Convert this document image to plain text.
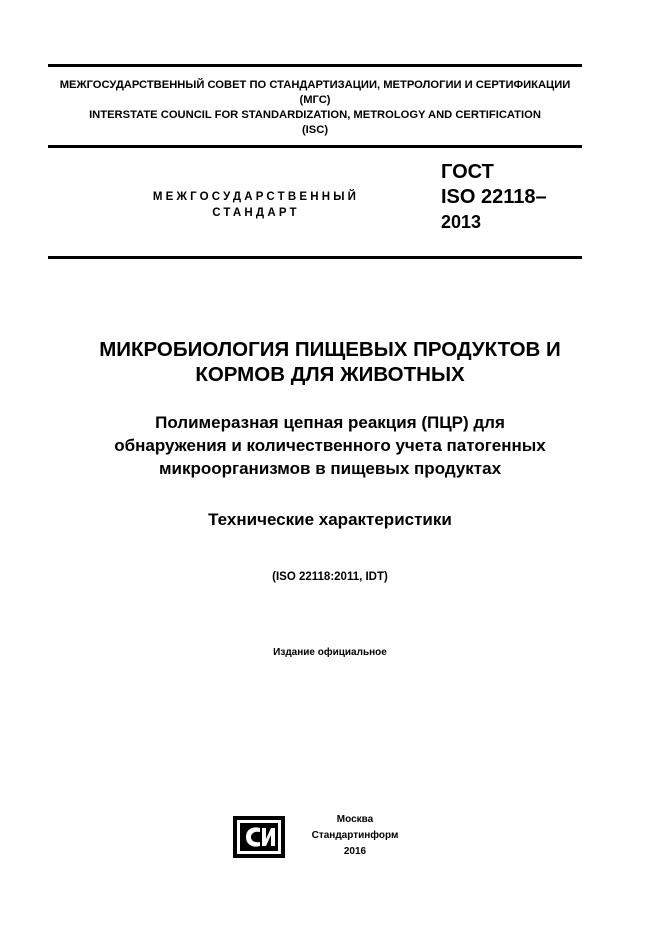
МЕЖГОСУДАРСТВЕННЫЙ СОВЕТ ПО СТАНДАРТИЗАЦИИ, МЕТРОЛОГИИ И СЕРТИФИКАЦИИ
(МГС)
INTERSTATE COUNCIL FOR STANDARDIZATION, METROLOGY AND CERTIFICATION
(ISC)
МЕЖГОСУДАРСТВЕННЫЙ
СТАНДАРТ
ГОСТ
ISO 22118–
2013
МИКРОБИОЛОГИЯ ПИЩЕВЫХ ПРОДУКТОВ И
КОРМОВ ДЛЯ ЖИВОТНЫХ
Полимеразная цепная реакция (ПЦР) для
обнаружения и количественного учета патогенных
микроорганизмов в пищевых продуктах
Технические характеристики
(ISO 22118:2011, IDT)
Издание официальное
Москва
Стандартинформ
2016
